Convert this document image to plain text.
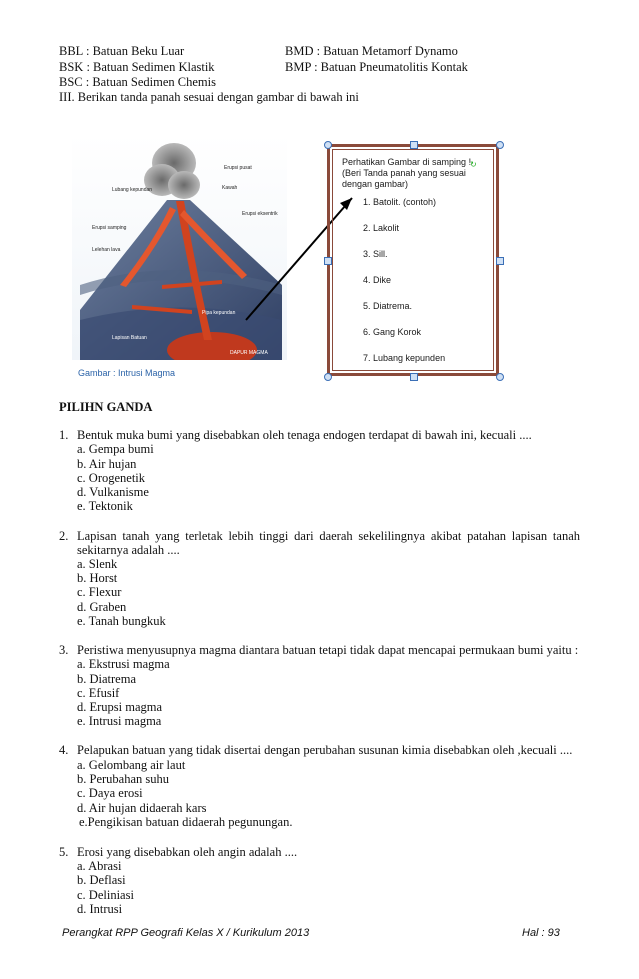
BBL : Batuan Beku Luar	BMD : Batuan Metamorf Dynamo
BSK : Batuan Sedimen Klastik	BMP : Batuan Pneumatolitis Kontak
BSC : Batuan Sedimen Chemis
III. Berikan tanda panah sesuai dengan gambar di bawah ini
Lubang kepundan
Erupsi pusat
Kawah
Erupsi eksentrik
Erupsi samping
Lelehan lava
Pipa kepundan
Lapisan Batuan
DAPUR MAGMA
Gambar : Intrusi Magma
Perhatikan Gambar di samping !
(Beri Tanda panah yang sesuai
dengan gambar)
1. Batolit. (contoh)
2. Lakolit
3. Sill.
4. Dike
5. Diatrema.
6. Gang Korok
7. Lubang kepunden
↻
PILIHN GANDA
1. Bentuk muka bumi yang disebabkan oleh tenaga endogen terdapat di bawah ini, kecuali ....
a. Gempa bumi
b. Air hujan
c. Orogenetik
d. Vulkanisme
e. Tektonik
2. Lapisan tanah yang terletak lebih tinggi dari daerah sekelilingnya akibat patahan lapisan tanah
sekitarnya adalah ....
a. Slenk
b. Horst
c. Flexur
d. Graben
e. Tanah bungkuk
3. Peristiwa menyusupnya magma diantara batuan tetapi tidak dapat mencapai permukaan bumi yaitu :
a. Ekstrusi magma
b. Diatrema
c. Efusif
d. Erupsi magma
e. Intrusi magma
4. Pelapukan batuan yang tidak disertai dengan perubahan susunan kimia disebabkan oleh ,kecuali ....
a. Gelombang air laut
b. Perubahan suhu
c. Daya erosi
d. Air hujan didaerah kars
e.Pengikisan batuan didaerah pegunungan.
5. Erosi yang disebabkan oleh angin adalah ....
a. Abrasi
b. Deflasi
c. Deliniasi
d. Intrusi
Perangkat RPP Geografi Kelas X / Kurikulum 2013	Hal : 93
